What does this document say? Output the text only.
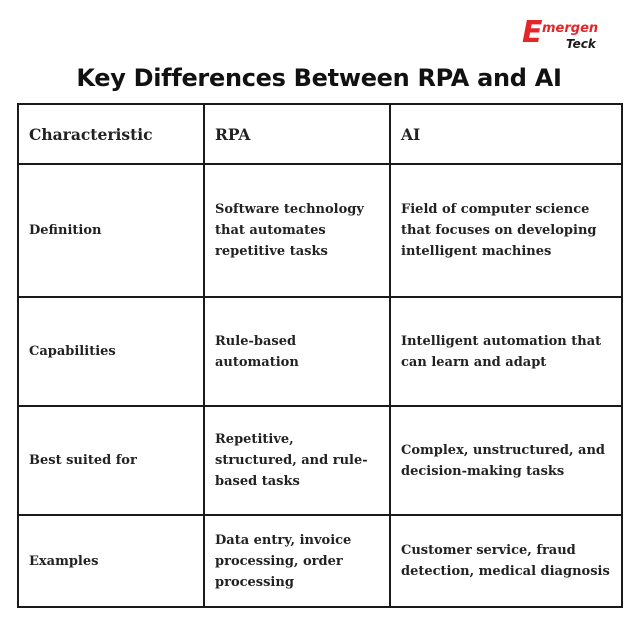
E mergen
Teck
Key Differences Between RPA and AI
Characteristic	RPA	AI
Definition	Software technology that automates repetitive tasks	Field of computer science that focuses on developing intelligent machines
Capabilities	Rule-based automation	Intelligent automation that can learn and adapt
Best suited for	Repetitive, structured, and rule-based tasks	Complex, unstructured, and decision-making tasks
Examples	Data entry, invoice processing, order processing	Customer service, fraud detection, medical diagnosis
